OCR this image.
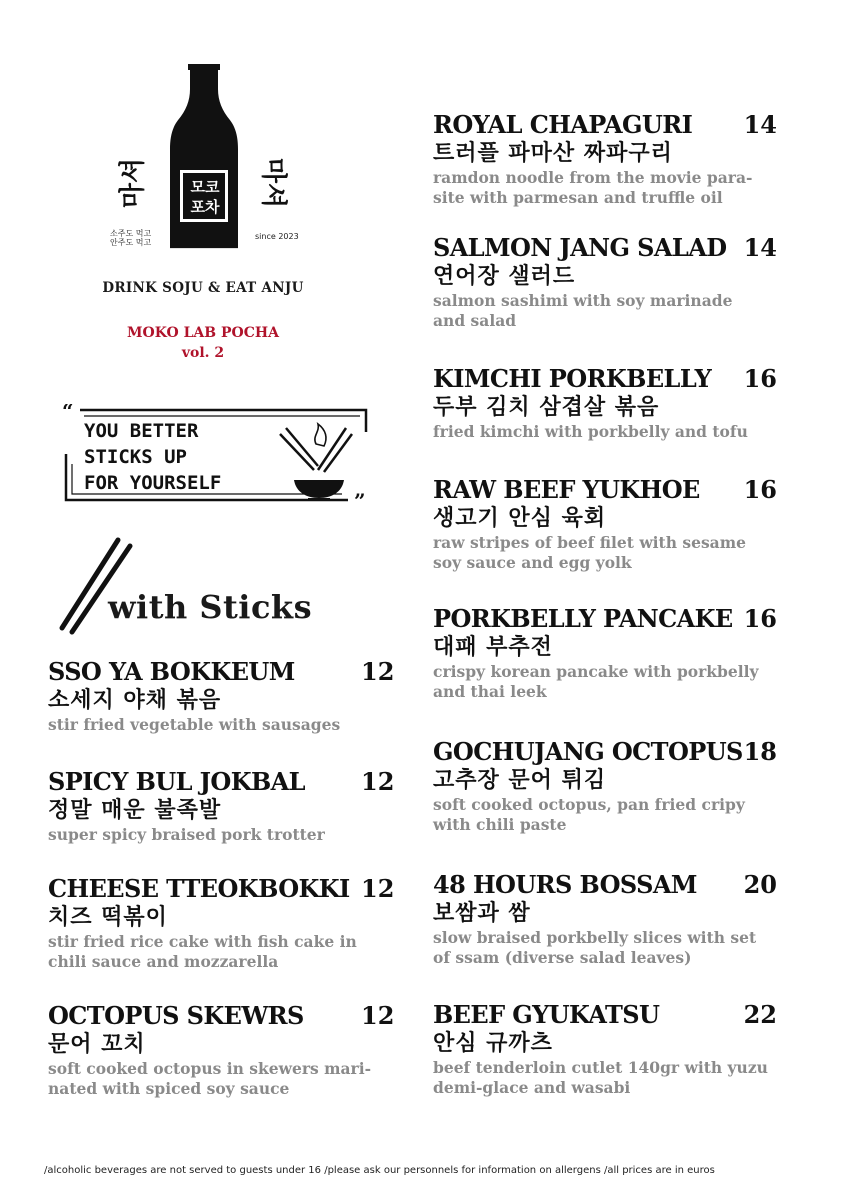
모코
포차
마셔	마셔
소주도 먹고
안주도 먹고
since 2023
DRINK SOJU & EAT ANJU
MOKO LAB POCHA
vol. 2
“
”
YOU BETTER
STICKS UP
FOR YOURSELF
with Sticks
SSO YA BOKKEUM	12
소세지 야채 볶음
stir fried vegetable with sausages
SPICY BUL JOKBAL	12
정말 매운 불족발
super spicy braised pork trotter
CHEESE TTEOKBOKKI 12
치즈 떡볶이
stir fried rice cake with fish cake in
chili sauce and mozzarella
OCTOPUS SKEWRS	12
문어 꼬치
soft cooked octopus in skewers mari-
nated with spiced soy sauce
ROYAL CHAPAGURI	14
트러플 파마산 짜파구리
ramdon noodle from the movie para-
site with parmesan and truffle oil
SALMON JANG SALAD 14
연어장 샐러드
salmon sashimi with soy marinade
and salad
KIMCHI PORKBELLY	16
두부 김치 삼겹살 볶음
fried kimchi with porkbelly and tofu
RAW BEEF YUKHOE	16
생고기 안심 육회
raw stripes of beef filet with sesame
soy sauce and egg yolk
PORKBELLY PANCAKE 16
대패 부추전
crispy korean pancake with porkbelly
and thai leek
GOCHUJANG OCTOPUS 18
고추장 문어 튀김
soft cooked octopus, pan fried cripy
with chili paste
48 HOURS BOSSAM	20
보쌈과 쌈
slow braised porkbelly slices with set
of ssam (diverse salad leaves)
BEEF GYUKATSU	22
안심 규까츠
beef tenderloin cutlet 140gr with yuzu
demi-glace and wasabi
/alcoholic beverages are not served to guests under 16 /please ask our personnels for information on allergens /all prices are in euros
